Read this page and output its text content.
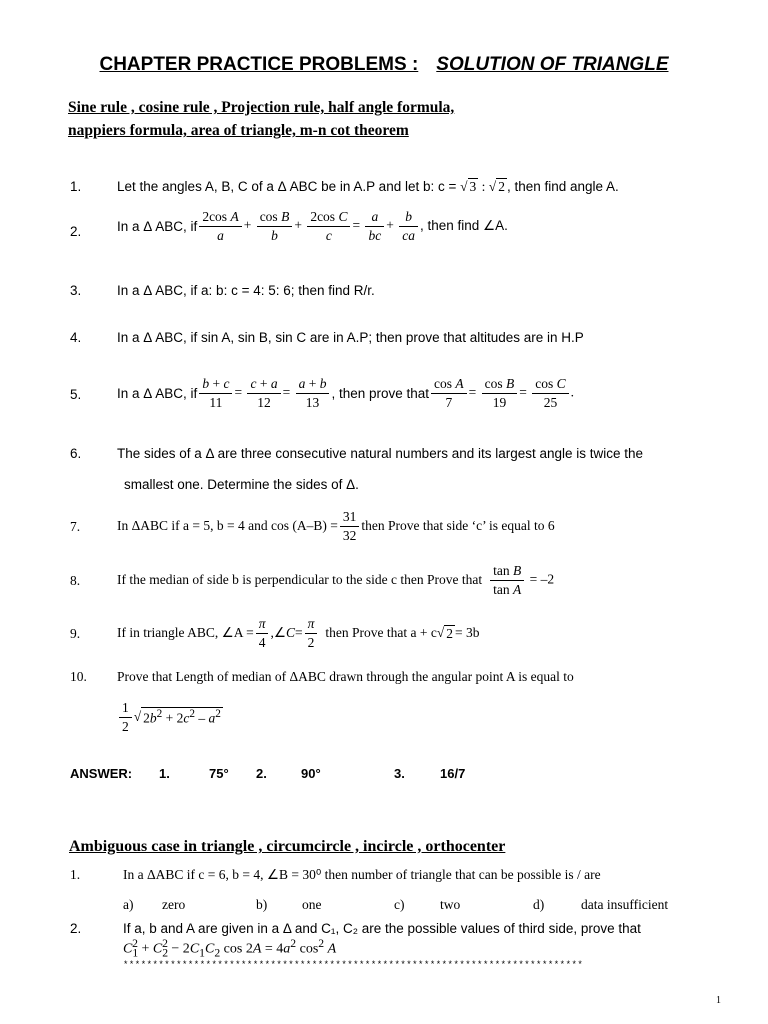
CHAPTER PRACTICE PROBLEMS : SOLUTION OF TRIANGLE
Sine rule , cosine rule , Projection rule, half angle formula,
nappiers formula, area of triangle, m-n cot theorem
1.	Let the angles A, B, C of a Δ ABC be in A.P and let b: c = √ 3 : √ 2 , then find angle A.
2.	In a Δ ABC, if $\frac{\text{2cos A}}{a} + \frac{\text{cos B}}{b} + \frac{\text{2cos C}}{c} = \frac{a}{bc} + \frac{b}{ca}$ , then find ∠A.
3.	In a Δ ABC, if a: b: c = 4: 5: 6; then find R/r.
4.	In a Δ ABC, if sin A, sin B, sin C are in A.P; then prove that altitudes are in H.P
5.	In a Δ ABC, if $\frac{b + c}{11} = \frac{c + a}{12} = \frac{a + b}{13}$ , then prove that $\frac{\text{cos A}}{7} = \frac{\text{cos B}}{19} = \frac{\text{cos C}}{25}$ .
6.	The sides of a Δ are three consecutive natural numbers and its largest angle is twice the
smallest one. Determine the sides of Δ.
7.	In ΔABC if a = 5, b = 4 and $\cos (A-B) = \frac{31}{32}$ then Prove that side ‘c’ is equal to 6
8.	If the median of side b is perpendicular to the side c then Prove that $\frac{\text{tan B}}{\text{tan A}} = -2$
9.	If in triangle ABC, ∠A = $\frac{\pi}{4}$ ,∠ $C = \frac{\pi}{2}$ then Prove that a + c √ 2 = 3b
10. Prove that Length of median of ΔABC drawn through the angular point A is equal to
$\frac{1}{2}$ √ $2b^2 + 2c^2 - a^2$
ANSWER: 1.	75° 2.	90°	3.	16/7
Ambiguous case in triangle , circumcircle , incircle , orthocenter
1.	In a ΔABC if c = 6, b = 4, ∠B = 30⁰ then number of triangle that can be possible is / are
a) zero	b)	one	c)	two	d)	data insufficient
2.	If a, b and A are given in a Δ and C₁, C₂ are the possible values of third side, prove that
$C_1^2 + C_2^2 - 2C_1C_2$ $\cos 2A = 4a^2$ $\cos^2 A$
******************************************************************************
1
